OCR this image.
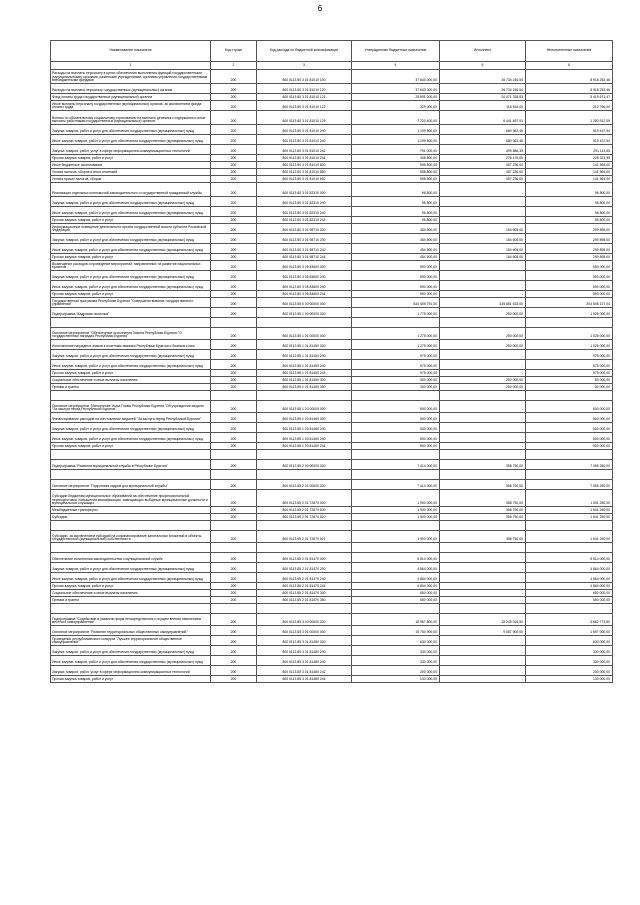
6
Наименование показателя	Код строки	Код расхода по бюджетной классификации	Утвержденные бюджетные назначения	Исполнено	Неисполненные назначения
1	2	3	4	5	6
Расходы на выплаты персоналу в целях обеспечения выполнения функций государственными (муниципальными) органами, казенными учреждениями, органами управления государственными внебюджетными фондами	200	800 0113 80 3 01 81010 100	37 643 000,00	26 734 246,54	8 918 253,46
Расходы на выплаты персоналу государственных (муниципальных) органов	200	800 0113 80 3 01 81010 120	37 643 000,00	26 734 246,54	8 918 253,46
Фонд оплаты труда государственных (муниципальных) органов	200	800 0113 80 3 01 81010 121	25 891 000,00	20 471 328,53	5 419 671,47
Иные выплаты персоналу государственных (муниципальных) органов, за исключением фонда оплаты труда	200	800 0113 80 3 01 81010 122	329 000,00	116 534,00	212 766,00
Взносы по обязательному социальному страхованию на выплаты денежного содержания и иные выплаты работникам государственных (муниципальных) органов	200	800 0113 80 3 01 81010 129	7 720 400,00	6 441 487,91	1 280 912,09
Закупка товаров, работ и услуг для обеспечения государственных (муниципальных) нужд	200	800 0113 80 3 01 81010 200	1 199 800,00	680 362,46	519 437,54
Иные закупки товаров, работ и услуг для обеспечения государственных (муниципальных) нужд	200	800 0113 80 3 01 81010 240	1 199 800,00	680 362,46	519 437,54
Закупка товаров, работ, услуг в сфере информационно-коммуникационных технологий	200	800 0113 80 3 01 81010 242	791 000,00	499 886,35	291 113,65
Прочая закупка товаров, работ и услуг	200	800 0113 80 3 01 81010 244	408 800,00	276 476,05	228 323,95
Иные бюджетные ассигнования	200	800 0113 80 3 01 81010 800	598 800,00	457 236,00	141 564,00
Уплата налогов, сборов и иных платежей	200	800 0113 80 3 01 81010 850	598 800,00	457 236,00	141 564,00
Уплата прочих налогов, сборов	200	800 0113 80 3 01 81010 852	598 800,00	457 236,00	141 564,00
Реализация отдельных полномочий законодательного и государственной гражданской службы	200	800 0113 80 3 01 82310 000	96 800,00	-	96 800,00
Закупка товаров, работ и услуг для обеспечения государственных (муниципальных) нужд	200	800 0113 80 3 01 82310 200	96 800,00	-	96 800,00
Иные закупки товаров, работ и услуг для обеспечения государственных (муниципальных) нужд	200	800 0113 80 3 01 82310 240	96 800,00	-	96 800,00
Прочая закупка товаров, работ и услуг	200	800 0113 80 3 01 82310 244	96 800,00	-	96 800,00
Информационное освещение деятельности органа государственной власти субъекта Российской Федерации	200	800 0113 80 3 01 98710 000	454 500,00	154 605,00	299 895,00
Закупка товаров, работ и услуг для обеспечения государственных (муниципальных) нужд	200	800 0113 80 3 01 98710 200	454 500,00	154 605,00	299 895,00
Иные закупки товаров, работ и услуг для обеспечения государственных (муниципальных) нужд	200	800 0113 80 3 01 98710 240	454 500,00	154 605,00	299 895,00
Прочая закупка товаров, работ и услуг	200	800 0113 80 3 01 98710 244	454 500,00	154 605,00	299 895,00
Возмещение расходов и проведение мероприятий, направленных на развитие национальных проектов	200	800 0113 80 3 05 83600 000	590 000,00	-	590 000,00
Закупка товаров, работ и услуг для обеспечения государственных (муниципальных) нужд	200	800 0113 80 3 05 83600 200	590 000,00	-	590 000,00
Иные закупки товаров, работ и услуг для обеспечения государственных (муниципальных) нужд	200	800 0113 80 3 05 83600 240	590 000,00	-	590 000,00
Прочая закупка товаров, работ и услуг	200	800 0113 80 3 05 83600 244	590 000,00	-	590 000,00
Государственная программа Республики Бурятия "Совершенствование государственного управления"	200	800 0113 85 0 00 00000 000	540 459 791,00	435 851 633,00	204 608 137,04
Подпрограмма "Кадровая политика"	200	800 0113 85 1 00 00000 000	1 775 000,00	250 000,00	1 525 000,00

Основное мероприятие "Обеспечение исполнения Закона Республики Бурятия "О государственных наградах Республики Бурятия"	200	800 0113 85 1 01 00000 000	1 275 000,00	250 000,00	1 025 000,00
Изготовление наградных знаков к почетным званиям Республики Бурятия и бланков к ним	200	800 0113 85 1 01 81450 000	1 275 000,00	250 000,00	1 025 000,00
Закупка товаров, работ и услуг для обеспечения государственных (муниципальных) нужд	200	800 0113 85 1 01 81450 200	975 000,00	-	975 000,00
Иные закупки товаров, работ и услуг для обеспечения государственных (муниципальных) нужд	200	800 0113 85 1 01 81450 240	975 000,00	-	975 000,00
Прочая закупка товаров, работ и услуг	200	800 0113 85 1 01 81450 244	975 000,00	-	975 000,00
Социальное обеспечение и иные выплаты населению	200	800 0113 85 1 01 81450 300	300 000,00	250 000,00	50 000,00
Премии и гранты	200	800 0113 85 1 01 81450 350	300 000,00	250 000,00	50 000,00

Основное мероприятие "Исполнение Указа Главы Республики Бурятия "Об учреждении медали "За заслуги перед Республикой Бурятия"	200	800 0113 85 1 03 00000 000	500 000,00	-	500 000,00
Финансирование расходов на изготовление медалей "За заслуги перед Республикой Бурятия"	200	800 0113 85 1 03 81460 000	500 000,00	-	500 000,00
Закупка товаров, работ и услуг для обеспечения государственных (муниципальных) нужд	200	800 0113 85 1 03 81460 200	500 000,00	-	500 000,00
Иные закупки товаров, работ и услуг для обеспечения государственных (муниципальных) нужд	200	800 0113 85 1 03 81460 240	500 000,00	-	500 000,00
Прочая закупка товаров, работ и услуг	200	800 0113 85 1 03 81460 244	500 000,00	-	500 000,00

Подпрограмма "Развитие муниципальной службы в Республике Бурятия"	200	800 0113 85 2 00 00000 000	7 414 000,00	358 750,00	7 055 250,00

Основное мероприятие "Подготовка кадров для муниципальной службы"	200	800 0113 85 2 01 00000 000	7 414 000,00	358 750,00	7 055 250,00
Субсидии бюджетам муниципальных образований на обеспечение профессиональной переподготовки, повышения квалификации, замещающих выборные муниципальные должности и муниципальных служащих	200	800 0113 85 2 01 72870 000	1 900 000,00	358 750,00	1 541 250,00
Межбюджетные трансферты	200	800 0113 85 2 01 72870 500	1 900 000,00	358 750,00	1 541 250,00
Субсидии	200	800 0113 85 2 01 72870 520	1 900 000,00	358 750,00	1 541 250,00

Субсидии, за исключением субсидий на софинансирование капитальных вложений в объекты государственной (муниципальной) собственности	200	800 0113 85 2 01 72870 521	1 900 000,00	358 750,00	1 541 250,00

Обеспечение исполнения законодательства о муниципальной службе	200	800 0113 85 2 01 81470 000	5 514 000,00	-	5 514 000,00
Закупка товаров, работ и услуг для обеспечения государственных (муниципальных) нужд	200	800 0113 85 2 01 81470 200	4 864 000,00	-	4 864 000,00
Иные закупки товаров, работ и услуг для обеспечения государственных (муниципальных) нужд	200	800 0113 85 2 01 81470 240	4 864 000,00	-	4 864 000,00
Прочая закупка товаров, работ и услуг	200	800 0113 85 2 01 81470 244	4 864 000,00	-	4 864 000,00
Социальное обеспечение и иные выплаты населению	200	800 0113 85 2 01 81470 300	650 000,00	-	650 000,00
Премии и гранты	200	800 0113 85 2 01 81470 350	650 000,00	-	650 000,00

Подпрограмма "Содействие в развитии форм непосредственного осуществления населением местного самоуправления"	200	800 0113 85 3 00 00000 000	18 967 800,00	15 245 026,50	3 662 773,50
Основное мероприятие "Развитие территориальных общественных самоуправлений"	200	800 0113 85 3 01 00000 000	10 784 900,00	9 087 900,00	1 697 000,00
Проведение республиканского конкурса "Лучшее территориальное общественное самоуправление"	200	800 0113 85 3 01 81480 000	630 000,00	-	630 000,00
Закупка товаров, работ и услуг для обеспечения государственных (муниципальных) нужд	200	800 0113 85 3 01 81480 200	330 000,00	-	330 000,00
Иные закупки товаров, работ и услуг для обеспечения государственных (муниципальных) нужд	200	800 0113 85 3 01 81480 240	330 000,00	-	330 000,00
Закупка товаров, работ, услуг в сфере информационно-коммуникационных технологий	200	800 0113 85 3 01 81480 242	200 000,00	-	200 000,00
Прочая закупка товаров, работ и услуг	200	800 0113 85 3 01 81480 244	130 000,00	-	130 000,00
